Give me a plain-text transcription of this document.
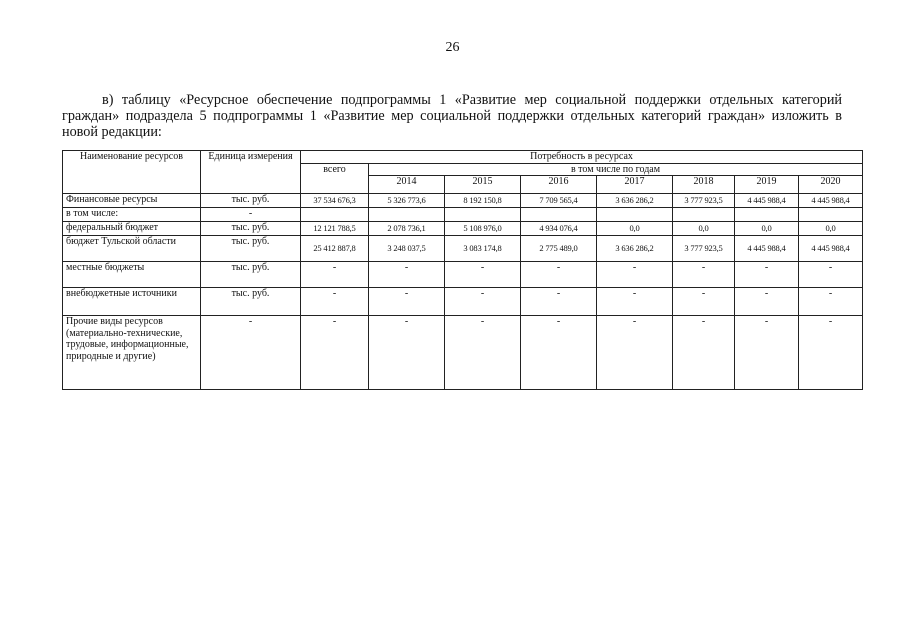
26
в) таблицу «Ресурсное обеспечение подпрограммы 1 «Развитие мер социальной поддержки отдельных категорий граждан» подраздела 5 подпрограммы 1 «Развитие мер социальной поддержки отдельных категорий граждан» изложить в новой редакции:
Наименование ресурсов	Единица измерения	Потребность в ресурсах							
		всего	в том числе по годам						
			2014	2015	2016	2017	2018	2019	2020
Финансовые ресурсы	тыс. руб.	37 534 676,3	5 326 773,6	8 192 150,8	7 709 565,4	3 636 286,2	3 777 923,5	4 445 988,4	4 445 988,4
в том числе:	-								
федеральный бюджет	тыс. руб.	12 121 788,5	2 078 736,1	5 108 976,0	4 934 076,4	0,0	0,0	0,0	0,0
бюджет Тульской области	тыс. руб.	25 412 887,8	3 248 037,5	3 083 174,8	2 775 489,0	3 636 286,2	3 777 923,5	4 445 988,4	4 445 988,4
местные бюджеты	тыс. руб.	-	-	-	-	-	-	-	-
внебюджетные источники	тыс. руб.	-	-	-	-	-	-	-	-
Прочие виды ресурсов (материально-технические, трудовые, информационные, природные и другие)	-	-	-	-	-	-	-	-	-
